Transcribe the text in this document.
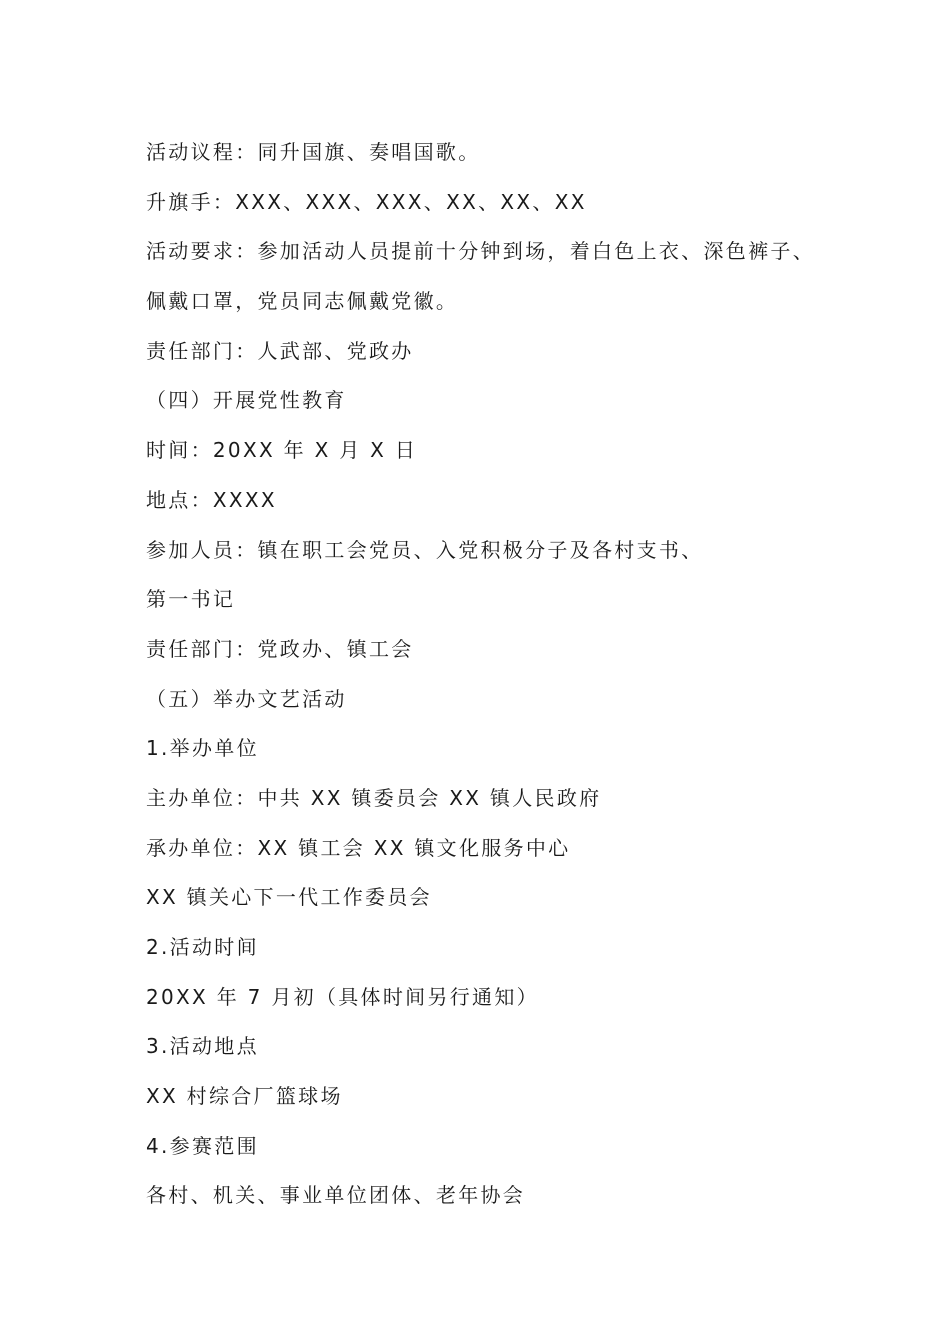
活动议程：同升国旗、奏唱国歌。
升旗手：XXX、XXX、XXX、XX、XX、XX
活动要求：参加活动人员提前十分钟到场，着白色上衣、深色裤子、
佩戴口罩，党员同志佩戴党徽。
责任部门：人武部、党政办
（四）开展党性教育
时间：20XX 年 X 月 X 日
地点：XXXX
参加人员：镇在职工会党员、入党积极分子及各村支书、
第一书记
责任部门：党政办、镇工会
（五）举办文艺活动
1.举办单位
主办单位：中共 XX 镇委员会 XX 镇人民政府
承办单位：XX 镇工会 XX 镇文化服务中心
XX 镇关心下一代工作委员会
2.活动时间
20XX 年 7 月初（具体时间另行通知）
3.活动地点
XX 村综合厂篮球场
4.参赛范围
各村、机关、事业单位团体、老年协会
